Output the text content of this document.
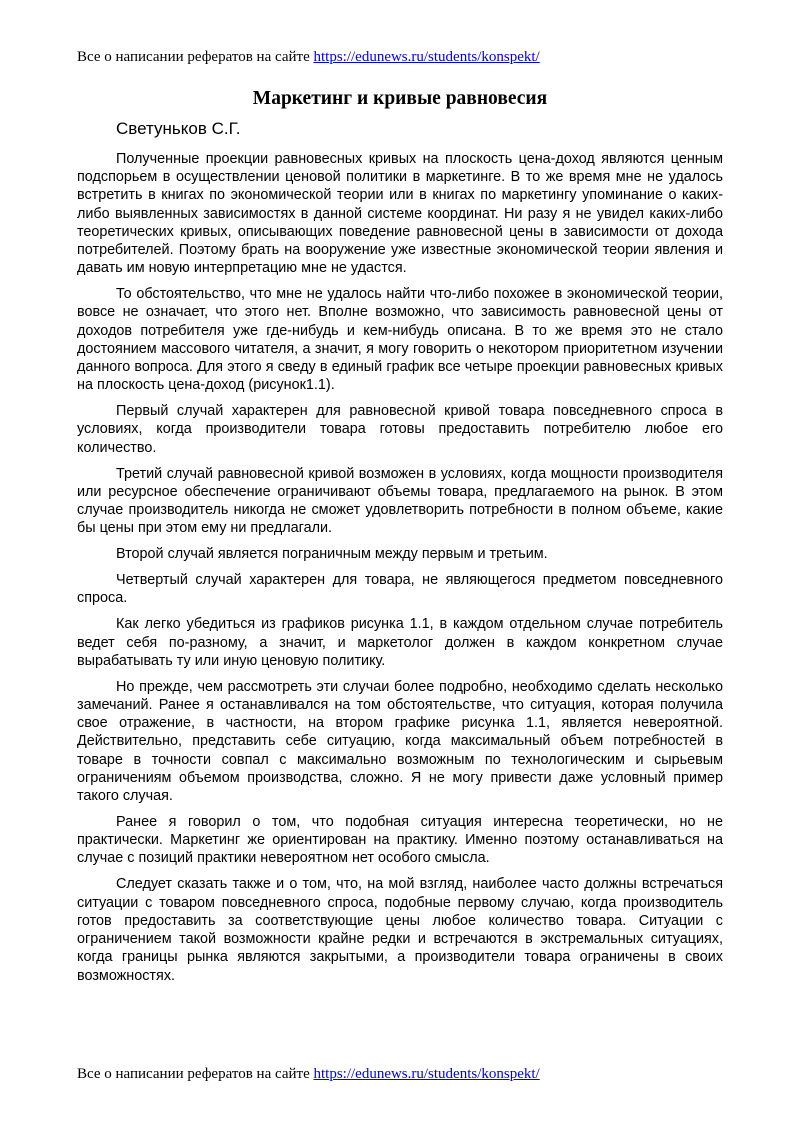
Все о написании рефератов на сайте https://edunews.ru/students/konspekt/
Маркетинг и кривые равновесия
Светуньков С.Г.

Полученные проекции равновесных кривых на плоскость цена-доход являются ценным подспорьем в осуществлении ценовой политики в маркетинге. В то же время мне не удалось встретить в книгах по экономической теории или в книгах по маркетингу упоминание о каких-либо выявленных зависимостях в данной системе координат. Ни разу я не увидел каких-либо теоретических кривых, описывающих поведение равновесной цены в зависимости от дохода потребителей. Поэтому брать на вооружение уже известные экономической теории явления и давать им новую интерпретацию мне не удастся.

То обстоятельство, что мне не удалось найти что-либо похожее в экономической теории, вовсе не означает, что этого нет. Вполне возможно, что зависимость равновесной цены от доходов потребителя уже где-нибудь и кем-нибудь описана. В то же время это не стало достоянием массового читателя, а значит, я могу говорить о некотором приоритетном изучении данного вопроса. Для этого я сведу в единый график все четыре проекции равновесных кривых на плоскость цена-доход (рисунок1.1).

Первый случай характерен для равновесной кривой товара повседневного спроса в условиях, когда производители товара готовы предоставить потребителю любое его количество.

Третий случай равновесной кривой возможен в условиях, когда мощности производителя или ресурсное обеспечение ограничивают объемы товара, предлагаемого на рынок. В этом случае производитель никогда не сможет удовлетворить потребности в полном объеме, какие бы цены при этом ему ни предлагали.

Второй случай является пограничным между первым и третьим.

Четвертый случай характерен для товара, не являющегося предметом повседневного спроса.

Как легко убедиться из графиков рисунка 1.1, в каждом отдельном случае потребитель ведет себя по-разному, а значит, и маркетолог должен в каждом конкретном случае вырабатывать ту или иную ценовую политику.

Но прежде, чем рассмотреть эти случаи более подробно, необходимо сделать несколько замечаний. Ранее я останавливался на том обстоятельстве, что ситуация, которая получила свое отражение, в частности, на втором графике рисунка 1.1, является невероятной. Действительно, представить себе ситуацию, когда максимальный объем потребностей в товаре в точности совпал с максимально возможным по технологическим и сырьевым ограничениям объемом производства, сложно. Я не могу привести даже условный пример такого случая.

Ранее я говорил о том, что подобная ситуация интересна теоретически, но не практически. Маркетинг же ориентирован на практику. Именно поэтому останавливаться на случае с позиций практики невероятном нет особого смысла.

Следует сказать также и о том, что, на мой взгляд, наиболее часто должны встречаться ситуации с товаром повседневного спроса, подобные первому случаю, когда производитель готов предоставить за соответствующие цены любое количество товара. Ситуации с ограничением такой возможности крайне редки и встречаются в экстремальных ситуациях, когда границы рынка являются закрытыми, а производители товара ограничены в своих возможностях.

Все о написании рефератов на сайте https://edunews.ru/students/konspekt/
